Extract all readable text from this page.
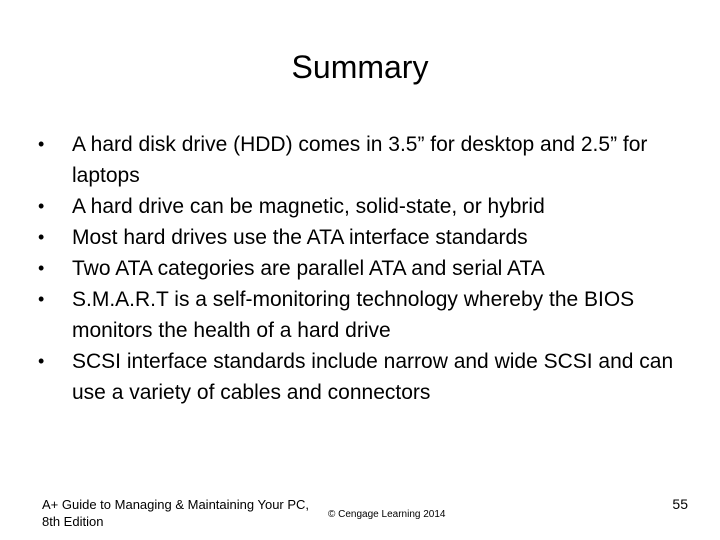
Summary
• A hard disk drive (HDD) comes in 3.5” for desktop and 2.5” for laptops
• A hard drive can be magnetic, solid-state, or hybrid
• Most hard drives use the ATA interface standards
• Two ATA categories are parallel ATA and serial ATA
• S.M.A.R.T is a self-monitoring technology whereby the BIOS monitors the health of a hard drive
• SCSI interface standards include narrow and wide SCSI and can use a variety of cables and connectors
A+ Guide to Managing & Maintaining Your PC, 8th Edition	© Cengage Learning 2014
55
